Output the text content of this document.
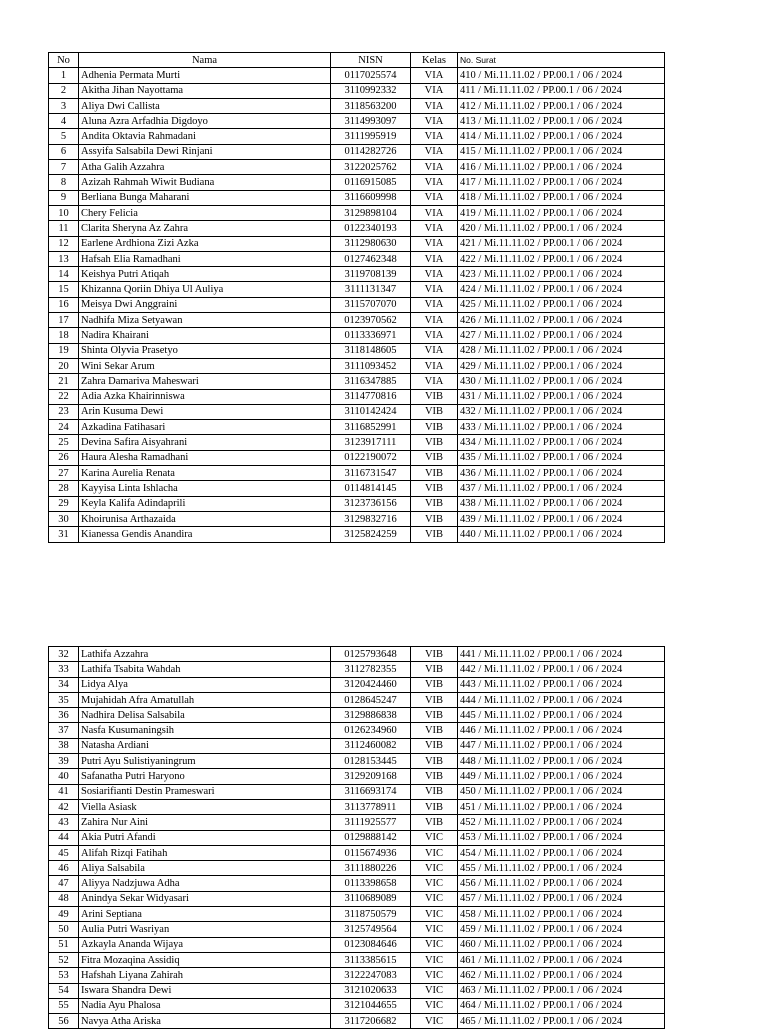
No	Nama	NISN	Kelas	No. Surat
1	Adhenia Permata Murti	0117025574	VIA	410 / Mi.11.11.02 / PP.00.1 / 06 / 2024
2	Akitha Jihan Nayottama	3110992332	VIA	411 / Mi.11.11.02 / PP.00.1 / 06 / 2024
3	Aliya Dwi Callista	3118563200	VIA	412 / Mi.11.11.02 / PP.00.1 / 06 / 2024
4	Aluna Azra Arfadhia Digdoyo	3114993097	VIA	413 / Mi.11.11.02 / PP.00.1 / 06 / 2024
5	Andita Oktavia Rahmadani	3111995919	VIA	414 / Mi.11.11.02 / PP.00.1 / 06 / 2024
6	Assyifa Salsabila Dewi Rinjani	0114282726	VIA	415 / Mi.11.11.02 / PP.00.1 / 06 / 2024
7	Atha Galih Azzahra	3122025762	VIA	416 / Mi.11.11.02 / PP.00.1 / 06 / 2024
8	Azizah Rahmah Wiwit Budiana	0116915085	VIA	417 / Mi.11.11.02 / PP.00.1 / 06 / 2024
9	Berliana Bunga Maharani	3116609998	VIA	418 / Mi.11.11.02 / PP.00.1 / 06 / 2024
10	Chery Felicia	3129898104	VIA	419 / Mi.11.11.02 / PP.00.1 / 06 / 2024
11	Clarita Sheryna Az Zahra	0122340193	VIA	420 / Mi.11.11.02 / PP.00.1 / 06 / 2024
12	Earlene Ardhiona Zizi Azka	3112980630	VIA	421 / Mi.11.11.02 / PP.00.1 / 06 / 2024
13	Hafsah Elia Ramadhani	0127462348	VIA	422 / Mi.11.11.02 / PP.00.1 / 06 / 2024
14	Keishya Putri Atiqah	3119708139	VIA	423 / Mi.11.11.02 / PP.00.1 / 06 / 2024
15	Khizanna Qoriin Dhiya Ul Auliya	3111131347	VIA	424 / Mi.11.11.02 / PP.00.1 / 06 / 2024
16	Meisya Dwi Anggraini	3115707070	VIA	425 / Mi.11.11.02 / PP.00.1 / 06 / 2024
17	Nadhifa Miza Setyawan	0123970562	VIA	426 / Mi.11.11.02 / PP.00.1 / 06 / 2024
18	Nadira Khairani	0113336971	VIA	427 / Mi.11.11.02 / PP.00.1 / 06 / 2024
19	Shinta Olyvia Prasetyo	3118148605	VIA	428 / Mi.11.11.02 / PP.00.1 / 06 / 2024
20	Wini Sekar Arum	3111093452	VIA	429 / Mi.11.11.02 / PP.00.1 / 06 / 2024
21	Zahra Damariva Maheswari	3116347885	VIA	430 / Mi.11.11.02 / PP.00.1 / 06 / 2024
22	Adia Azka Khairinniswa	3114770816	VIB	431 / Mi.11.11.02 / PP.00.1 / 06 / 2024
23	Arin Kusuma Dewi	3110142424	VIB	432 / Mi.11.11.02 / PP.00.1 / 06 / 2024
24	Azkadina Fatihasari	3116852991	VIB	433 / Mi.11.11.02 / PP.00.1 / 06 / 2024
25	Devina Safira Aisyahrani	3123917111	VIB	434 / Mi.11.11.02 / PP.00.1 / 06 / 2024
26	Haura Alesha Ramadhani	0122190072	VIB	435 / Mi.11.11.02 / PP.00.1 / 06 / 2024
27	Karina Aurelia Renata	3116731547	VIB	436 / Mi.11.11.02 / PP.00.1 / 06 / 2024
28	Kayyisa Linta Ishlacha	0114814145	VIB	437 / Mi.11.11.02 / PP.00.1 / 06 / 2024
29	Keyla Kalifa Adindaprili	3123736156	VIB	438 / Mi.11.11.02 / PP.00.1 / 06 / 2024
30	Khoirunisa Arthazaida	3129832716	VIB	439 / Mi.11.11.02 / PP.00.1 / 06 / 2024
31	Kianessa Gendis Anandira	3125824259	VIB	440 / Mi.11.11.02 / PP.00.1 / 06 / 2024
32	Lathifa Azzahra	0125793648	VIB	441 / Mi.11.11.02 / PP.00.1 / 06 / 2024
33	Lathifa Tsabita Wahdah	3112782355	VIB	442 / Mi.11.11.02 / PP.00.1 / 06 / 2024
34	Lidya Alya	3120424460	VIB	443 / Mi.11.11.02 / PP.00.1 / 06 / 2024
35	Mujahidah Afra Amatullah	0128645247	VIB	444 / Mi.11.11.02 / PP.00.1 / 06 / 2024
36	Nadhira Delisa Salsabila	3129886838	VIB	445 / Mi.11.11.02 / PP.00.1 / 06 / 2024
37	Nasfa Kusumaningsih	0126234960	VIB	446 / Mi.11.11.02 / PP.00.1 / 06 / 2024
38	Natasha Ardiani	3112460082	VIB	447 / Mi.11.11.02 / PP.00.1 / 06 / 2024
39	Putri Ayu Sulistiyaningrum	0128153445	VIB	448 / Mi.11.11.02 / PP.00.1 / 06 / 2024
40	Safanatha Putri Haryono	3129209168	VIB	449 / Mi.11.11.02 / PP.00.1 / 06 / 2024
41	Sosiarifianti Destin Prameswari	3116693174	VIB	450 / Mi.11.11.02 / PP.00.1 / 06 / 2024
42	Viella Asiask	3113778911	VIB	451 / Mi.11.11.02 / PP.00.1 / 06 / 2024
43	Zahira Nur Aini	3111925577	VIB	452 / Mi.11.11.02 / PP.00.1 / 06 / 2024
44	Akia Putri Afandi	0129888142	VIC	453 / Mi.11.11.02 / PP.00.1 / 06 / 2024
45	Alifah Rizqi Fatihah	0115674936	VIC	454 / Mi.11.11.02 / PP.00.1 / 06 / 2024
46	Aliya Salsabila	3111880226	VIC	455 / Mi.11.11.02 / PP.00.1 / 06 / 2024
47	Aliyya Nadzjuwa Adha	0113398658	VIC	456 / Mi.11.11.02 / PP.00.1 / 06 / 2024
48	Anindya Sekar Widyasari	3110689089	VIC	457 / Mi.11.11.02 / PP.00.1 / 06 / 2024
49	Arini Septiana	3118750579	VIC	458 / Mi.11.11.02 / PP.00.1 / 06 / 2024
50	Aulia Putri Wasriyan	3125749564	VIC	459 / Mi.11.11.02 / PP.00.1 / 06 / 2024
51	Azkayla Ananda Wijaya	0123084646	VIC	460 / Mi.11.11.02 / PP.00.1 / 06 / 2024
52	Fitra Mozaqina Assidiq	3113385615	VIC	461 / Mi.11.11.02 / PP.00.1 / 06 / 2024
53	Hafshah Liyana Zahirah	3122247083	VIC	462 / Mi.11.11.02 / PP.00.1 / 06 / 2024
54	Iswara Shandra Dewi	3121020633	VIC	463 / Mi.11.11.02 / PP.00.1 / 06 / 2024
55	Nadia Ayu Phalosa	3121044655	VIC	464 / Mi.11.11.02 / PP.00.1 / 06 / 2024
56	Navya Atha Ariska	3117206682	VIC	465 / Mi.11.11.02 / PP.00.1 / 06 / 2024
